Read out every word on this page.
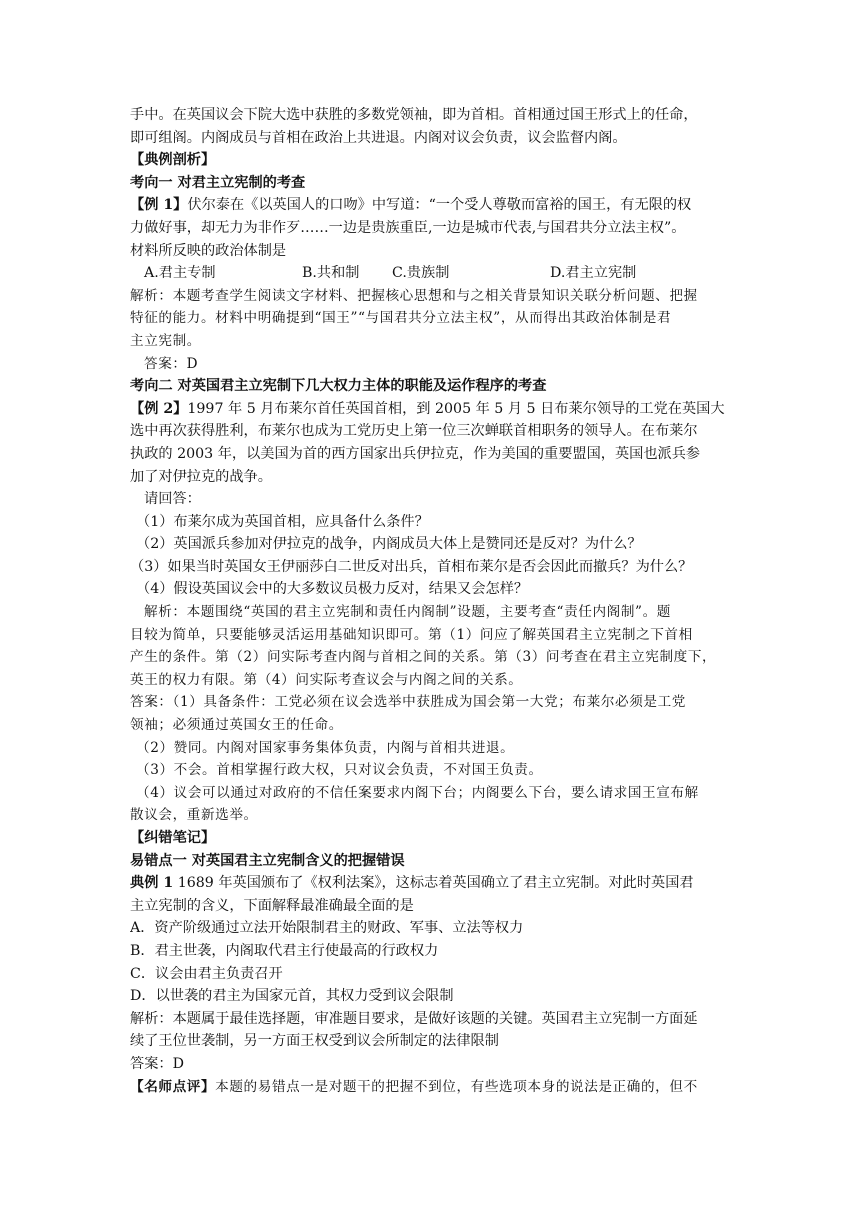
手中。在英国议会下院大选中获胜的多数党领袖，即为首相。首相通过国王形式上的任命，

即可组阁。内阁成员与首相在政治上共进退。内阁对议会负责，议会监督内阁。

【典例剖析】

考向一 对君主立宪制的考查

【例 1】伏尔泰在《以英国人的口吻》中写道：“一个受人尊敬而富裕的国王，有无限的权

力做好事，却无力为非作歹……一边是贵族重臣,一边是城市代表,与国君共分立法主权”。

材料所反映的政治体制是

A.君主专制	B.共和制	C.贵族制	D.君主立宪制

解析：本题考查学生阅读文字材料、把握核心思想和与之相关背景知识关联分析问题、把握

特征的能力。材料中明确提到“国王”“与国君共分立法主权”，从而得出其政治体制是君

主立宪制。

答案：D

考向二 对英国君主立宪制下几大权力主体的职能及运作程序的考查

【例 2】1997 年 5 月布莱尔首任英国首相，到 2005 年 5 月 5 日布莱尔领导的工党在英国大

选中再次获得胜利，布莱尔也成为工党历史上第一位三次蝉联首相职务的领导人。在布莱尔

执政的 2003 年，以美国为首的西方国家出兵伊拉克，作为美国的重要盟国，英国也派兵参

加了对伊拉克的战争。

请回答：

（1）布莱尔成为英国首相，应具备什么条件？

（2）英国派兵参加对伊拉克的战争，内阁成员大体上是赞同还是反对？为什么？

（3）如果当时英国女王伊丽莎白二世反对出兵，首相布莱尔是否会因此而撤兵？为什么？

（4）假设英国议会中的大多数议员极力反对，结果又会怎样？

解析：本题围绕“英国的君主立宪制和责任内阁制”设题，主要考查“责任内阁制”。题

目较为简单，只要能够灵活运用基础知识即可。第（1）问应了解英国君主立宪制之下首相

产生的条件。第（2）问实际考查内阁与首相之间的关系。第（3）问考查在君主立宪制度下，

英王的权力有限。第（4）问实际考查议会与内阁之间的关系。

答案：（1）具备条件：工党必须在议会选举中获胜成为国会第一大党；布莱尔必须是工党

领袖；必须通过英国女王的任命。

（2）赞同。内阁对国家事务集体负责，内阁与首相共进退。

（3）不会。首相掌握行政大权，只对议会负责，不对国王负责。

（4）议会可以通过对政府的不信任案要求内阁下台；内阁要么下台，要么请求国王宣布解

散议会，重新选举。

【纠错笔记】

易错点一 对英国君主立宪制含义的把握错误

典例 1 1689 年英国颁布了《权利法案》，这标志着英国确立了君主立宪制。对此时英国君

主立宪制的含义，下面解释最准确最全面的是

A．资产阶级通过立法开始限制君主的财政、军事、立法等权力

B．君主世袭，内阁取代君主行使最高的行政权力

C．议会由君主负责召开

D．以世袭的君主为国家元首，其权力受到议会限制

解析：本题属于最佳选择题，审准题目要求，是做好该题的关键。英国君主立宪制一方面延

续了王位世袭制，另一方面王权受到议会所制定的法律限制

答案：D

【名师点评】本题的易错点一是对题干的把握不到位，有些选项本身的说法是正确的，但不
